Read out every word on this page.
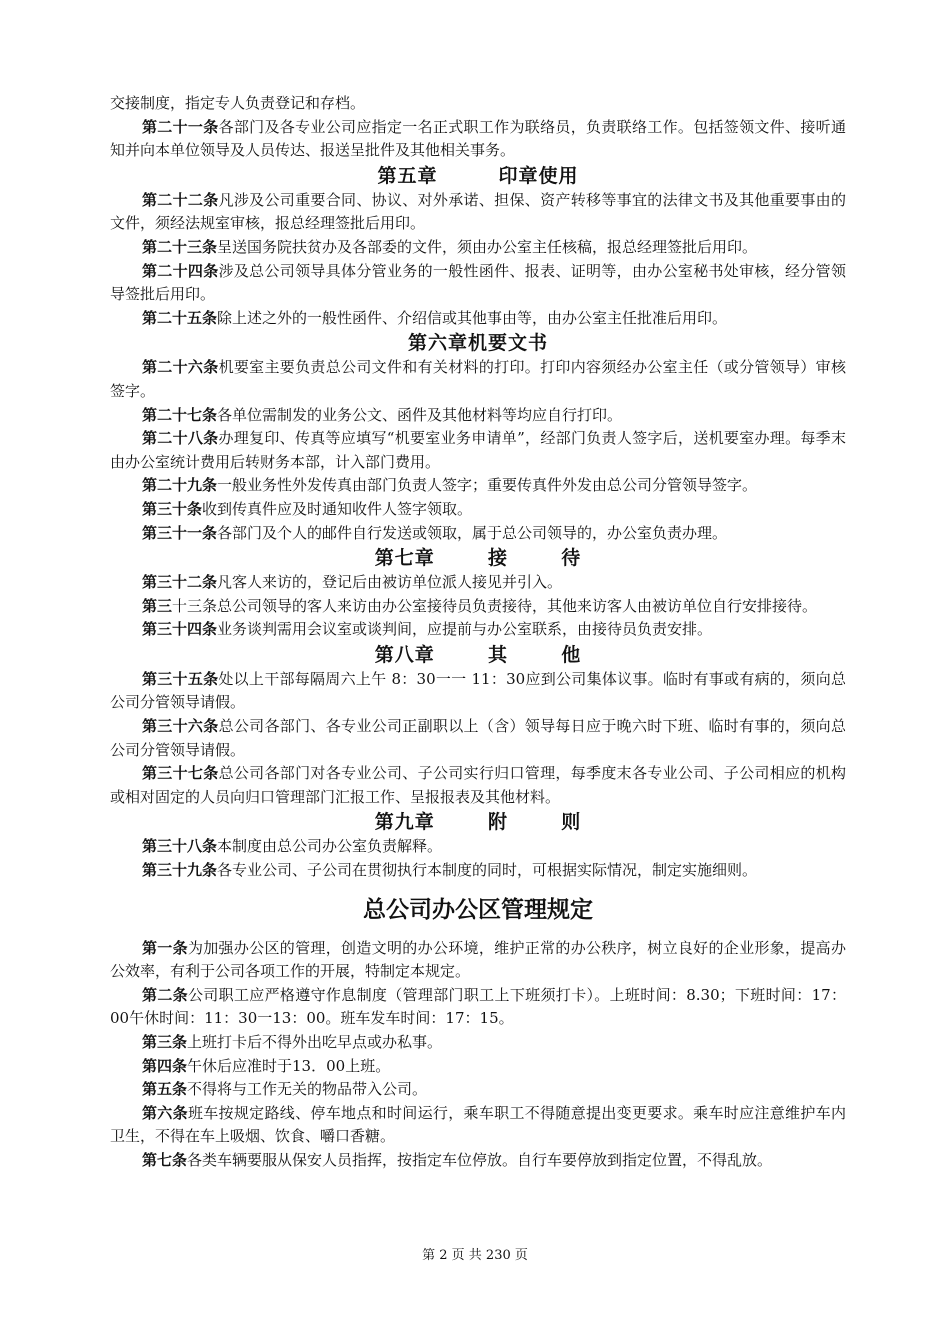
交接制度，指定专人负责登记和存档。

第二十一条各部门及各专业公司应指定一名正式职工作为联络员，负责联络工作。包括签领文件、接听通知并向本单位领导及人员传达、报送呈批件及其他相关事务。

第五章        印章使用

第二十二条凡涉及公司重要合同、协议、对外承诺、担保、资产转移等事宜的法律文书及其他重要事由的文件，须经法规室审核，报总经理签批后用印。

第二十三条呈送国务院扶贫办及各部委的文件，须由办公室主任核稿，报总经理签批后用印。

第二十四条涉及总公司领导具体分管业务的一般性函件、报表、证明等，由办公室秘书处审核，经分管领导签批后用印。

第二十五条除上述之外的一般性函件、介绍信或其他事由等，由办公室主任批准后用印。

第六章机要文书

第二十六条机要室主要负责总公司文件和有关材料的打印。打印内容须经办公室主任（或分管领导）审核签字。

第二十七条各单位需制发的业务公文、函件及其他材料等均应自行打印。

第二十八条办理复印、传真等应填写“机要室业务申请单”，经部门负责人签字后，送机要室办理。每季末由办公室统计费用后转财务本部，计入部门费用。

第二十九条一般业务性外发传真由部门负责人签字；重要传真件外发由总公司分管领导签字。

第三十条收到传真件应及时通知收件人签字领取。

第三十一条各部门及个人的邮件自行发送或领取，属于总公司领导的，办公室负责办理。

第七章       接       待

第三十二条凡客人来访的，登记后由被访单位派人接见并引入。

第三十三条总公司领导的客人来访由办公室接待员负责接待，其他来访客人由被访单位自行安排接待。

第三十四条业务谈判需用会议室或谈判间，应提前与办公室联系，由接待员负责安排。

第八章       其       他

第三十五条处以上干部每隔周六上午 8：30一一 11：30应到公司集体议事。临时有事或有病的，须向总公司分管领导请假。

第三十六条总公司各部门、各专业公司正副职以上（含）领导每日应于晚六时下班、临时有事的，须向总公司分管领导请假。

第三十七条总公司各部门对各专业公司、子公司实行归口管理，每季度末各专业公司、子公司相应的机构或相对固定的人员向归口管理部门汇报工作、呈报报表及其他材料。

第九章       附       则

第三十八条本制度由总公司办公室负责解释。

第三十九条各专业公司、子公司在贯彻执行本制度的同时，可根据实际情况，制定实施细则。

总公司办公区管理规定

第一条为加强办公区的管理，创造文明的办公环境，维护正常的办公秩序，树立良好的企业形象，提高办公效率，有利于公司各项工作的开展，特制定本规定。

第二条公司职工应严格遵守作息制度（管理部门职工上下班须打卡）。上班时间：8.30；下班时间：17：00午休时间：11：30一13：00。班车发车时间：17：15。

第三条上班打卡后不得外出吃早点或办私事。

第四条午休后应准时于13．00上班。

第五条不得将与工作无关的物品带入公司。

第六条班车按规定路线、停车地点和时间运行，乘车职工不得随意提出变更要求。乘车时应注意维护车内卫生，不得在车上吸烟、饮食、嚼口香糖。

第七条各类车辆要服从保安人员指挥，按指定车位停放。自行车要停放到指定位置，不得乱放。

第 2 页 共 230 页
